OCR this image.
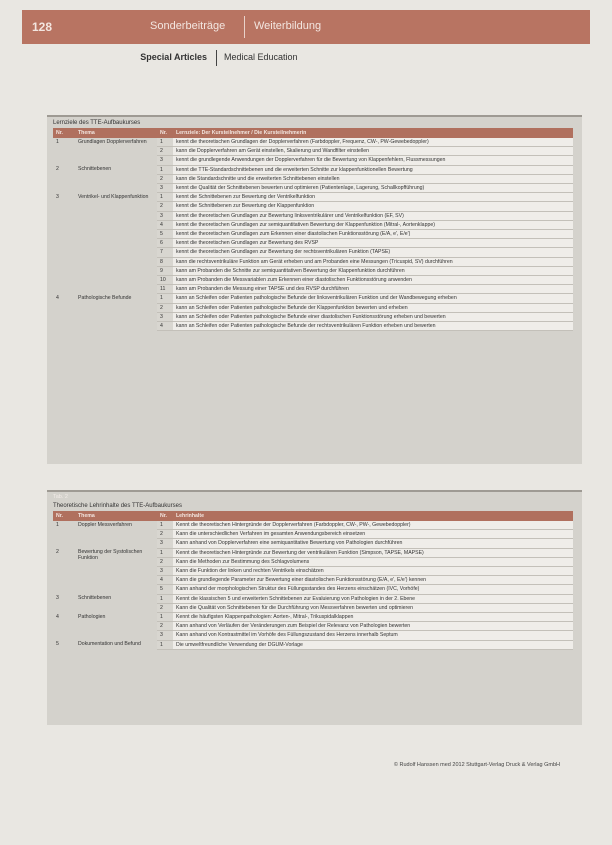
128	Sonderbeiträge	Weiterbildung
Special Articles Medical Education
Lernziele des TTE-Aufbaukurses
Nr.	Thema	Nr.	Lernziele: Der Kursteilnehmer / Die Kursteilnehmerin
1	Grundlagen Dopplerverfahren	1	kennt die theoretischen Grundlagen der Dopplerverfahren (Farbdoppler, Frequenz, CW-, PW-Gewebedoppler)
		2	kann die Dopplerverfahren am Gerät einstellen, Skalierung und Wandfilter einstellen
		3	kennt die grundlegende Anwendungen der Dopplerverfahren für die Bewertung von Klappenfehlern, Flussmessungen
2	Schnittebenen	1	kennt die TTE-Standardschnittebenen und die erweiterten Schnitte zur klappenfunktionellen Bewertung
		2	kann die Standardschnitte und die erweiterten Schnittebenen einstellen
		3	kennt die Qualität der Schnittebenen bewerten und optimieren (Patientenlage, Lagerung, Schallkopfführung)
3	Ventrikel- und Klappenfunktion	1	kennt die Schnittebenen zur Bewertung der Ventrikelfunktion
		2	kennt die Schnittebenen zur Bewertung der Klappenfunktion
		3	kennt die theoretischen Grundlagen zur Bewertung linksventrikulärer und Ventrikelfunktion (EF, SV)
		4	kennt die theoretischen Grundlagen zur semiquantitativen Bewertung der Klappenfunktion (Mitral-, Aortenklappe)
		5	kennt die theoretischen Grundlagen zum Erkennen einer diastolischen Funktionsstörung (E/A, e', E/e')
		6	kennt die theoretischen Grundlagen zur Bewertung des RVSP
		7	kennt die theoretischen Grundlagen zur Bewertung der rechtsventrikulären Funktion (TAPSE)
		8	kann die rechtsventrikuläre Funktion am Gerät erheben und am Probanden eine Messungen (Tricuspid, SV) durchführen
		9	kann am Probanden die Schnitte zur semiquantitativen Bewertung der Klappenfunktion durchführen
		10	kann am Probanden die Messvariablen zum Erkennen einer diastolischen Funktionsstörung anwenden
		11	kann am Probanden die Messung einer TAPSE und des RVSP durchführen
4	Pathologische Befunde	1	kann an Schleifen oder Patienten pathologische Befunde der linksventrikulären Funktion und der Wandbewegung erheben
		2	kann an Schleifen oder Patienten pathologische Befunde der Klappenfunktion bewerten und erheben
		3	kann an Schleifen oder Patienten pathologische Befunde einer diastolischen Funktionsstörung erheben und bewerten
		4	kann an Schleifen oder Patienten pathologische Befunde der rechtsventrikulären Funktion erheben und bewerten
Tab. 2
Theoretische Lehrinhalte des TTE-Aufbaukurses
Nr.	Thema	Nr.	Lehrinhalte
1	Doppler Messverfahren	1	Kennt die theoretischen Hintergründe der Dopplerverfahren (Farbdoppler, CW-, PW-, Gewebedoppler)
		2	Kann die unterschiedlichen Verfahren im gesamten Anwendungsbereich einsetzen
		3	Kann anhand von Dopplerverfahren eine semiquantitative Bewertung von Pathologien durchführen
2	Bewertung der Systolischen Funktion	1	Kennt die theoretischen Hintergründe zur Bewertung der ventrikulären Funktion (Simpson, TAPSE, MAPSE)
		2	Kann die Methoden zur Bestimmung des Schlagvolumens
		3	Kann die Funktion der linken und rechten Ventrikels einschätzen
		4	Kann die grundlegende Parameter zur Bewertung einer diastolischen Funktionsstörung (E/A, e', E/e') kennen
		5	Kann anhand der morphologischen Struktur des Füllungsstandes des Herzens einschätzen (IVC, Vorhöfe)
3	Schnittebenen	1	Kennt die klassischen 5 und erweiterten Schnittebenen zur Evaluierung von Pathologien in der 2. Ebene
		2	Kann die Qualität von Schnittebenen für die Durchführung von Messverfahren bewerten und optimieren
4	Pathologien	1	Kennt die häufigsten Klappenpathologien: Aorten-, Mitral-, Trikuspidalklappen
		2	Kann anhand von Verläufen der Veränderungen zum Beispiel der Relevanz von Pathologien bewerten
		3	Kann anhand von Kontrastmittel im Vorhöfe des Füllungszustand des Herzens innerhalb Septum
5	Dokumentation und Befund	1	Die umweltfreundliche Verwendung der DGUM-Vorlage
© Rudolf Hanssen med 2012 Stuttgart-Verlag Druck & Verlag GmbH
